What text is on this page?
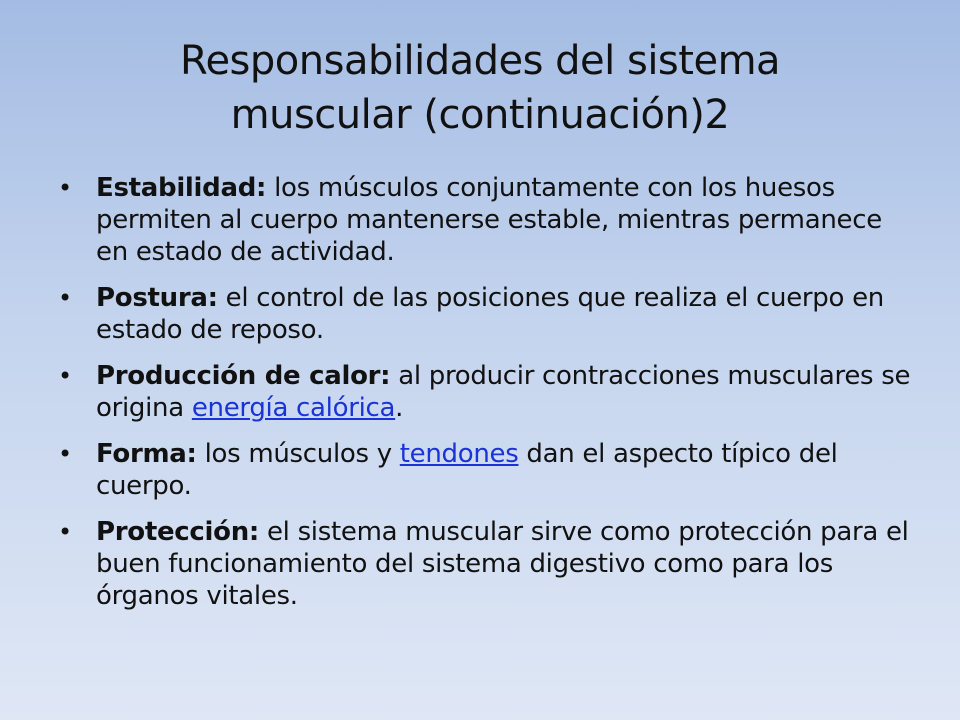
Responsabilidades del sistema
muscular (continuación)2
• Estabilidad: los músculos conjuntamente con los huesos permiten al cuerpo mantenerse estable, mientras permanece en estado de actividad.
• Postura: el control de las posiciones que realiza el cuerpo en estado de reposo.
• Producción de calor: al producir contracciones musculares se origina energía calórica.
• Forma: los músculos y tendones dan el aspecto típico del cuerpo.
• Protección: el sistema muscular sirve como protección para el buen funcionamiento del sistema digestivo como para los órganos vitales.
